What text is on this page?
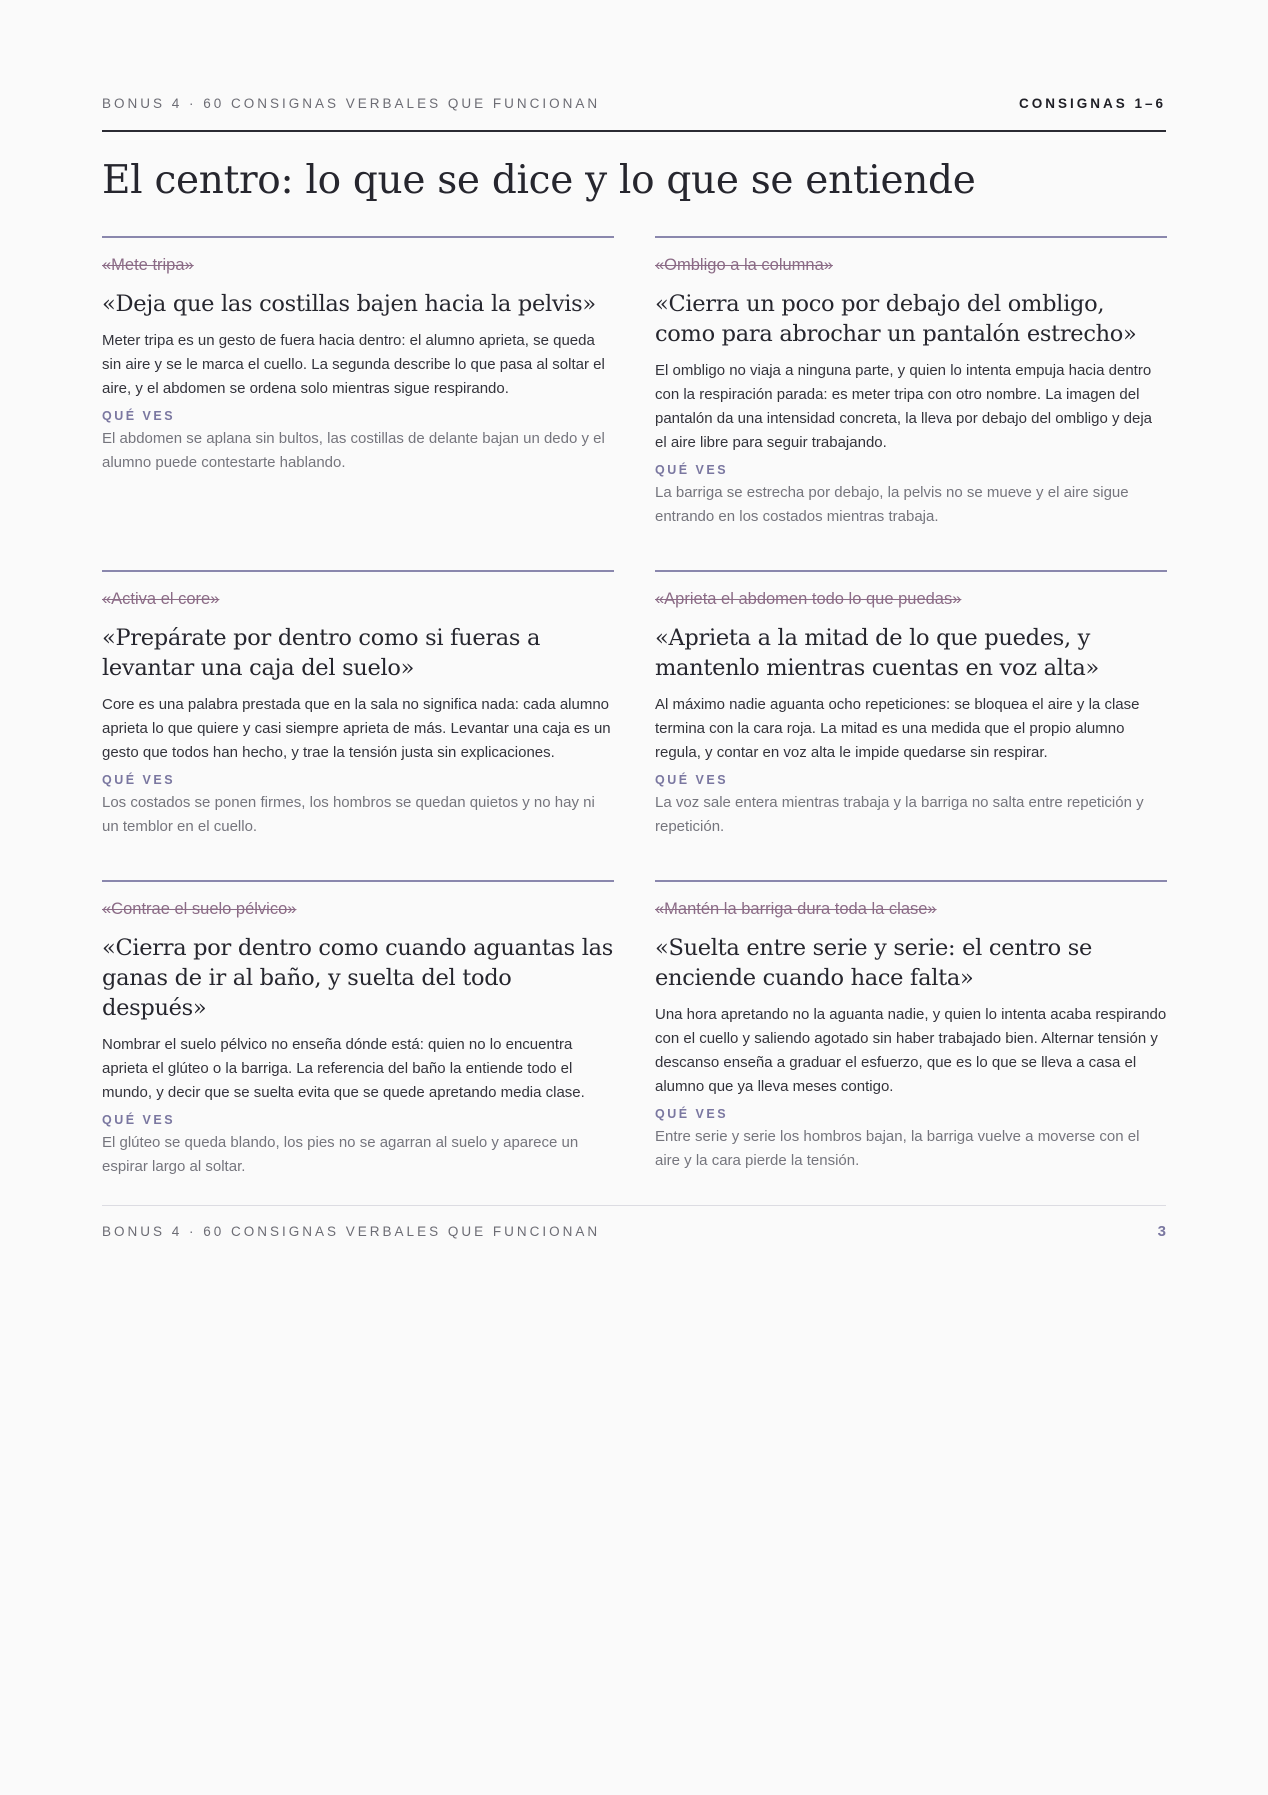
BONUS 4 · 60 CONSIGNAS VERBALES QUE FUNCIONAN	CONSIGNAS 1–6
El centro: lo que se dice y lo que se entiende
«Mete tripa»
«Deja que las costillas bajen hacia la pelvis»
Meter tripa es un gesto de fuera hacia dentro: el alumno aprieta, se queda sin aire y se le marca el cuello. La segunda describe lo que pasa al soltar el aire, y el abdomen se ordena solo mientras sigue respirando.
QUÉ VES
El abdomen se aplana sin bultos, las costillas de delante bajan un dedo y el alumno puede contestarte hablando.
«Ombligo a la columna»
«Cierra un poco por debajo del ombligo, como para abrochar un pantalón estrecho»
El ombligo no viaja a ninguna parte, y quien lo intenta empuja hacia dentro con la respiración parada: es meter tripa con otro nombre. La imagen del pantalón da una intensidad concreta, la lleva por debajo del ombligo y deja el aire libre para seguir trabajando.
QUÉ VES
La barriga se estrecha por debajo, la pelvis no se mueve y el aire sigue entrando en los costados mientras trabaja.
«Activa el core»
«Prepárate por dentro como si fueras a levantar una caja del suelo»
Core es una palabra prestada que en la sala no significa nada: cada alumno aprieta lo que quiere y casi siempre aprieta de más. Levantar una caja es un gesto que todos han hecho, y trae la tensión justa sin explicaciones.
QUÉ VES
Los costados se ponen firmes, los hombros se quedan quietos y no hay ni un temblor en el cuello.
«Aprieta el abdomen todo lo que puedas»
«Aprieta a la mitad de lo que puedes, y mantenlo mientras cuentas en voz alta»
Al máximo nadie aguanta ocho repeticiones: se bloquea el aire y la clase termina con la cara roja. La mitad es una medida que el propio alumno regula, y contar en voz alta le impide quedarse sin respirar.
QUÉ VES
La voz sale entera mientras trabaja y la barriga no salta entre repetición y repetición.
«Contrae el suelo pélvico»
«Cierra por dentro como cuando aguantas las ganas de ir al baño, y suelta del todo después»
Nombrar el suelo pélvico no enseña dónde está: quien no lo encuentra aprieta el glúteo o la barriga. La referencia del baño la entiende todo el mundo, y decir que se suelta evita que se quede apretando media clase.
QUÉ VES
El glúteo se queda blando, los pies no se agarran al suelo y aparece un espirar largo al soltar.
«Mantén la barriga dura toda la clase»
«Suelta entre serie y serie: el centro se enciende cuando hace falta»
Una hora apretando no la aguanta nadie, y quien lo intenta acaba respirando con el cuello y saliendo agotado sin haber trabajado bien. Alternar tensión y descanso enseña a graduar el esfuerzo, que es lo que se lleva a casa el alumno que ya lleva meses contigo.
QUÉ VES
Entre serie y serie los hombros bajan, la barriga vuelve a moverse con el aire y la cara pierde la tensión.
BONUS 4 · 60 CONSIGNAS VERBALES QUE FUNCIONAN	3
